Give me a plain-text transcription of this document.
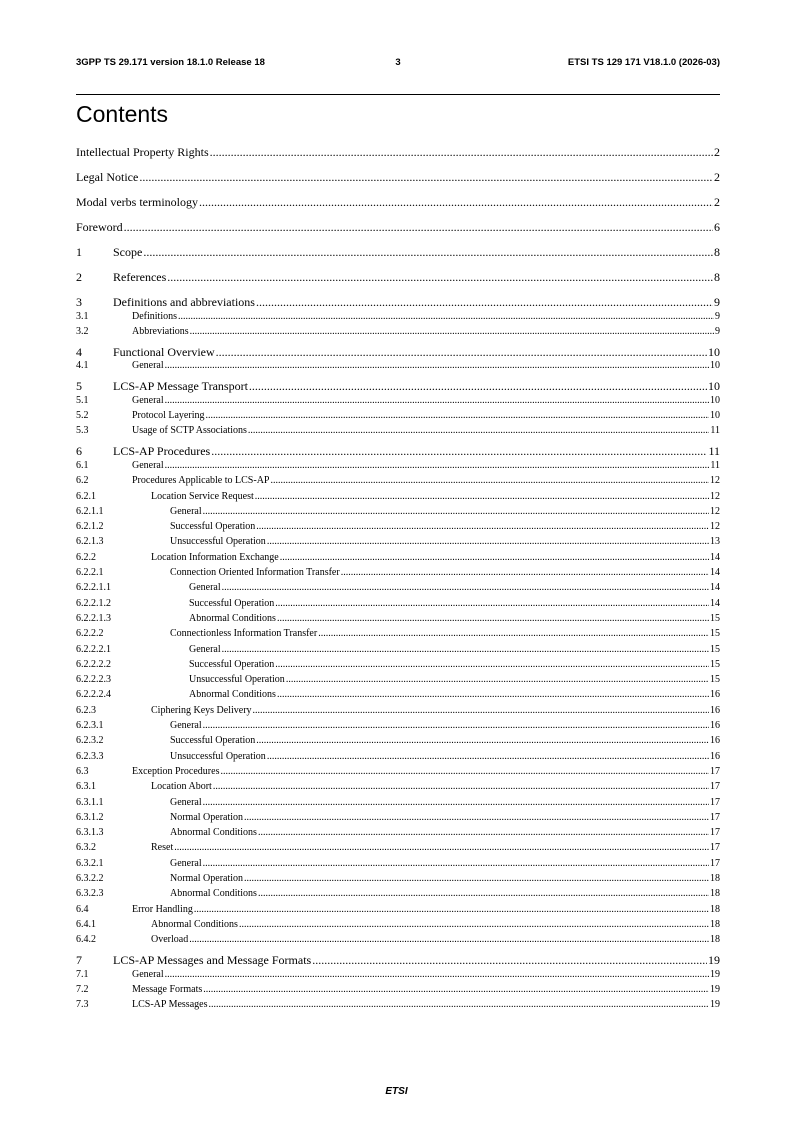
3GPP TS 29.171 version 18.1.0 Release 18	3	ETSI TS 129 171 V18.1.0 (2026-03)
Contents
Intellectual Property Rights .....	2
Legal Notice .....	2
Modal verbs terminology .....	2
Foreword .....	6
1	Scope .....	8
2	References .....	8
3	Definitions and abbreviations .....	9
3.1	Definitions .....	9
3.2	Abbreviations .....	9
4	Functional Overview .....	10
4.1	General .....	10
5	LCS-AP Message Transport .....	10
5.1	General .....	10
5.2	Protocol Layering .....	10
5.3	Usage of SCTP Associations .....	11
6	LCS-AP Procedures .....	11
6.1	General .....	11
6.2	Procedures Applicable to LCS-AP .....	12
6.2.1	Location Service Request .....	12
6.2.1.1	General .....	12
6.2.1.2	Successful Operation .....	12
6.2.1.3	Unsuccessful Operation .....	13
6.2.2	Location Information Exchange .....	14
6.2.2.1	Connection Oriented Information Transfer .....	14
6.2.2.1.1	General .....	14
6.2.2.1.2	Successful Operation .....	14
6.2.2.1.3	Abnormal Conditions .....	15
6.2.2.2	Connectionless Information Transfer .....	15
6.2.2.2.1	General .....	15
6.2.2.2.2	Successful Operation .....	15
6.2.2.2.3	Unsuccessful Operation .....	15
6.2.2.2.4	Abnormal Conditions .....	16
6.2.3	Ciphering Keys Delivery .....	16
6.2.3.1	General .....	16
6.2.3.2	Successful Operation .....	16
6.2.3.3	Unsuccessful Operation .....	16
6.3	Exception Procedures .....	17
6.3.1	Location Abort .....	17
6.3.1.1	General .....	17
6.3.1.2	Normal Operation .....	17
6.3.1.3	Abnormal Conditions .....	17
6.3.2	Reset .....	17
6.3.2.1	General .....	17
6.3.2.2	Normal Operation .....	18
6.3.2.3	Abnormal Conditions .....	18
6.4	Error Handling .....	18
6.4.1	Abnormal Conditions .....	18
6.4.2	Overload .....	18
7	LCS-AP Messages and Message Formats .....	19
7.1	General .....	19
7.2	Message Formats .....	19
7.3	LCS-AP Messages .....	19
ETSI
